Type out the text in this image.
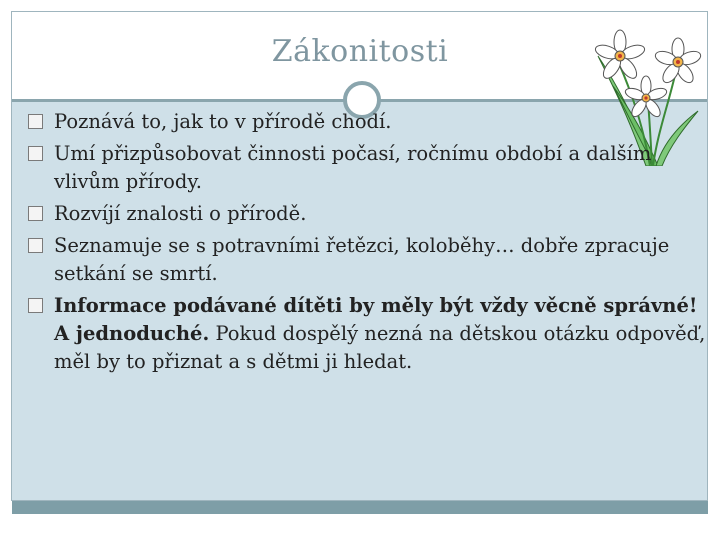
Zákonitosti
Poznává to, jak to v přírodě chodí.
Umí přizpůsobovat činnosti počasí, ročnímu období a dalším vlivům přírody.
Rozvíjí znalosti o přírodě.
Seznamuje se s potravními řetězci, koloběhy… dobře zpracuje setkání se smrtí.
Informace podávané dítěti by měly být vždy věcně správné! A jednoduché. Pokud dospělý nezná na dětskou otázku odpověď, měl by to přiznat a s dětmi ji hledat.
